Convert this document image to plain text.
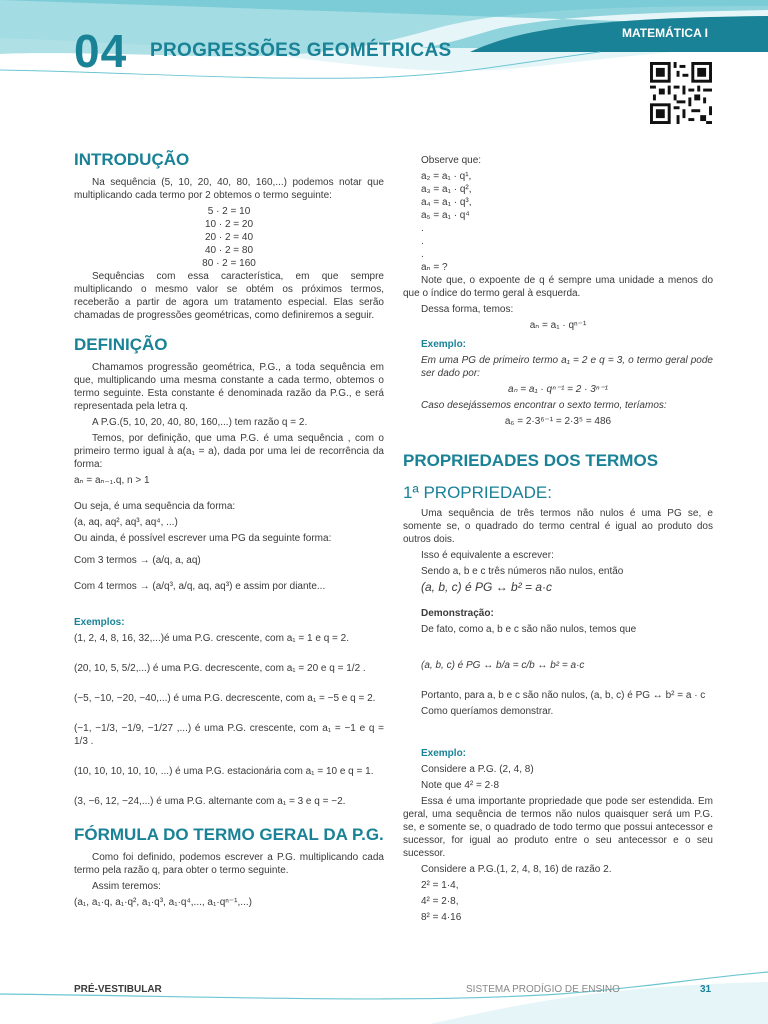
04 PROGRESSÕES GEOMÉTRICAS
MATEMÁTICA I
INTRODUÇÃO

Na sequência (5, 10, 20, 40, 80, 160,...) podemos notar que multiplicando cada termo por 2 obtemos o termo seguinte:

5 · 2 = 10
10 · 2 = 20
20 · 2 = 40
40 · 2 = 80
80 · 2 = 160

Sequências com essa característica, em que sempre multiplicando o mesmo valor se obtém os próximos termos, receberão a partir de agora um tratamento especial. Elas serão chamadas de progressões geométricas, como definiremos a seguir.

DEFINIÇÃO

Chamamos progressão geométrica, P.G., a toda sequência em que, multiplicando uma mesma constante a cada termo, obtemos o termo seguinte. Esta constante é denominada razão da P.G., e será representada pela letra q.

A P.G.(5, 10, 20, 40, 80, 160,...) tem razão q = 2.

Temos, por definição, que uma P.G. é uma sequência , com o primeiro termo igual à a(a₁ = a), dada por uma lei de recorrência da forma:

aₙ = aₙ₋₁.q, n > 1

Ou seja, é uma sequência da forma:

(a, aq, aq², aq³, aq⁴, ...)

Ou ainda, é possível escrever uma PG da seguinte forma:

Com 3 termos → (a/q, a, aq)

Com 4 termos → (a/q³, a/q, aq, aq³) e assim por diante...

Exemplos:

(1, 2, 4, 8, 16, 32,...)é uma P.G. crescente, com a₁ = 1 e q = 2.

(20, 10, 5, 5/2,...) é uma P.G. decrescente, com a₁ = 20 e q = 1/2 .

(−5, −10, −20, −40,...) é uma P.G. decrescente, com a₁ = −5 e q = 2.

(−1, −1/3, −1/9, −1/27 ,...) é uma P.G. crescente, com a₁ = −1 e q = 1/3 .

(10, 10, 10, 10, 10, ...) é uma P.G. estacionária com a₁ = 10 e q = 1.

(3, −6, 12, −24,...) é uma P.G. alternante com a₁ = 3 e q = −2.

FÓRMULA DO TERMO GERAL DA P.G.

Como foi definido, podemos escrever a P.G. multiplicando cada termo pela razão q, para obter o termo seguinte.

Assim teremos:

(a₁, a₁·q, a₁·q², a₁·q³, a₁·q⁴,..., a₁·qⁿ⁻¹,...)

Observe que:

a₂ = a₁ · q¹,
a₃ = a₁ · q²,
a₄ = a₁ · q³,
a₅ = a₁ · q⁴
.
.
.
aₙ = ?

Note que, o expoente de q é sempre uma unidade a menos do que o índice do termo geral à esquerda.

Dessa forma, temos:

aₙ = a₁ · qⁿ⁻¹

Exemplo:

Em uma PG de primeiro termo a₁ = 2 e q = 3, o termo geral pode ser dado por:

aₙ = a₁ · qⁿ⁻¹ = 2 · 3ⁿ⁻¹

Caso desejássemos encontrar o sexto termo, teríamos:

a₆ = 2·3⁶⁻¹ = 2·3⁵ = 486

PROPRIEDADES DOS TERMOS
1ª PROPRIEDADE:

Uma sequência de três termos não nulos é uma PG se, e somente se, o quadrado do termo central é igual ao produto dos outros dois.

Isso é equivalente a escrever:

Sendo a, b e c três números não nulos, então

(a, b, c) é PG ↔ b² = a·c

Demonstração:

De fato, como a, b e c são não nulos, temos que

(a, b, c) é PG ↔ b/a = c/b ↔ b² = a·c

Portanto, para a, b e c são não nulos, (a, b, c) é PG ↔ b² = a · c

Como queríamos demonstrar.

Exemplo:

Considere a P.G. (2, 4, 8)

Note que 4² = 2·8

Essa é uma importante propriedade que pode ser estendida. Em geral, uma sequência de termos não nulos quaisquer será um P.G. se, e somente se, o quadrado de todo termo que possui antecessor e sucessor, for igual ao produto entre o seu antecessor e o seu sucessor.

Considere a P.G.(1, 2, 4, 8, 16) de razão 2.

2² = 1·4,

4² = 2·8,

8² = 4·16

PRÉ-VESTIBULAR	SISTEMA PRODÍGIO DE ENSINO	31
